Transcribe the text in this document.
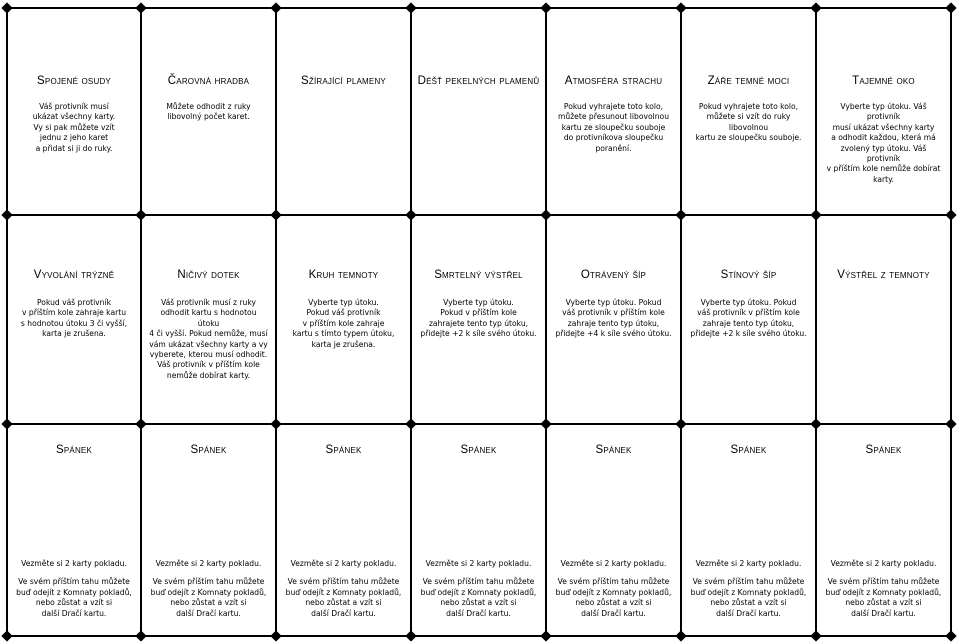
Spojené osudy
Váš protivník musí
ukázat všechny karty.
Vy si pak můžete vzít
jednu z jeho karet
a přidat si ji do ruky.
Čarovná hradba
Můžete odhodit z ruky
libovolný počet karet.
Sžírající plameny	Déšť pekelných plamenů Atmosféra strachu
Pokud vyhrajete toto kolo,
můžete přesunout libovolnou
kartu ze sloupečku souboje
do protivníkova sloupečku
poranění.
Záře temné moci
Pokud vyhrajete toto kolo,
můžete si vzít do ruky libovolnou
kartu ze sloupečku souboje.
Tajemné oko
Vyberte typ útoku. Váš protivník
musí ukázat všechny karty
a odhodit každou, která má
zvolený typ útoku. Váš protivník
v příštím kole nemůže dobírat
karty.
Vyvolání trýzně
Pokud váš protivník
v příštím kole zahraje kartu
s hodnotou útoku 3 či vyšší,
karta je zrušena.
Ničivý dotek
Váš protivník musí z ruky
odhodit kartu s hodnotou útoku
4 či vyšší. Pokud nemůže, musí
vám ukázat všechny karty a vy
vyberete, kterou musí odhodit.
Váš protivník v příštím kole
nemůže dobírat karty.
Kruh temnoty
Vyberte typ útoku.
Pokud váš protivník
v příštím kole zahraje
kartu s tímto typem útoku,
karta je zrušena.
Smrtelný výstřel
Vyberte typ útoku.
Pokud v příštím kole
zahrajete tento typ útoku,
přidejte +2 k síle svého útoku.
Otrávený šíp
Vyberte typ útoku. Pokud
váš protivník v příštím kole
zahraje tento typ útoku,
přidejte +4 k síle svého útoku.
Stínový šíp
Vyberte typ útoku. Pokud
váš protivník v příštím kole
zahraje tento typ útoku,
přidejte +2 k síle svého útoku.
Výstřel z temnoty
Spánek
Vezměte si 2 karty pokladu.
Ve svém příštím tahu můžete
buď odejít z Komnaty pokladů,
nebo zůstat a vzít si
další Dračí kartu.
Spánek
Vezměte si 2 karty pokladu.
Ve svém příštím tahu můžete
buď odejít z Komnaty pokladů,
nebo zůstat a vzít si
další Dračí kartu.
Spánek
Vezměte si 2 karty pokladu.
Ve svém příštím tahu můžete
buď odejít z Komnaty pokladů,
nebo zůstat a vzít si
další Dračí kartu.
Spánek
Vezměte si 2 karty pokladu.
Ve svém příštím tahu můžete
buď odejít z Komnaty pokladů,
nebo zůstat a vzít si
další Dračí kartu.
Spánek
Vezměte si 2 karty pokladu.
Ve svém příštím tahu můžete
buď odejít z Komnaty pokladů,
nebo zůstat a vzít si
další Dračí kartu.
Spánek
Vezměte si 2 karty pokladu.
Ve svém příštím tahu můžete
buď odejít z Komnaty pokladů,
nebo zůstat a vzít si
další Dračí kartu.
Spánek
Vezměte si 2 karty pokladu.
Ve svém příštím tahu můžete
buď odejít z Komnaty pokladů,
nebo zůstat a vzít si
další Dračí kartu.
